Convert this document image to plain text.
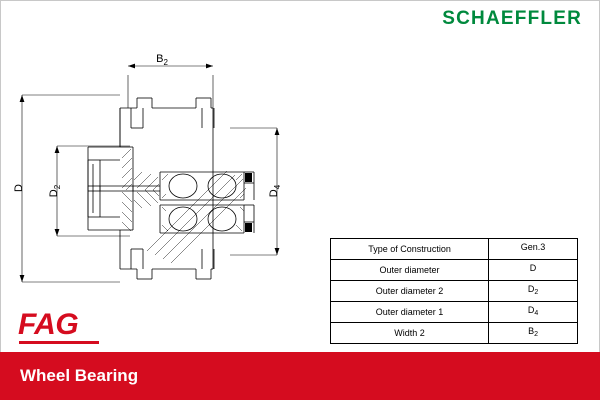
SCHAEFFLER
$B_2$
D
$D_2$
$D_4$
Type of Construction	Gen.3
Outer diameter	D
Outer diameter 2	$D_2$
Outer diameter 1	$D_4$
Width 2	$B_2$
FAG
Wheel Bearing
